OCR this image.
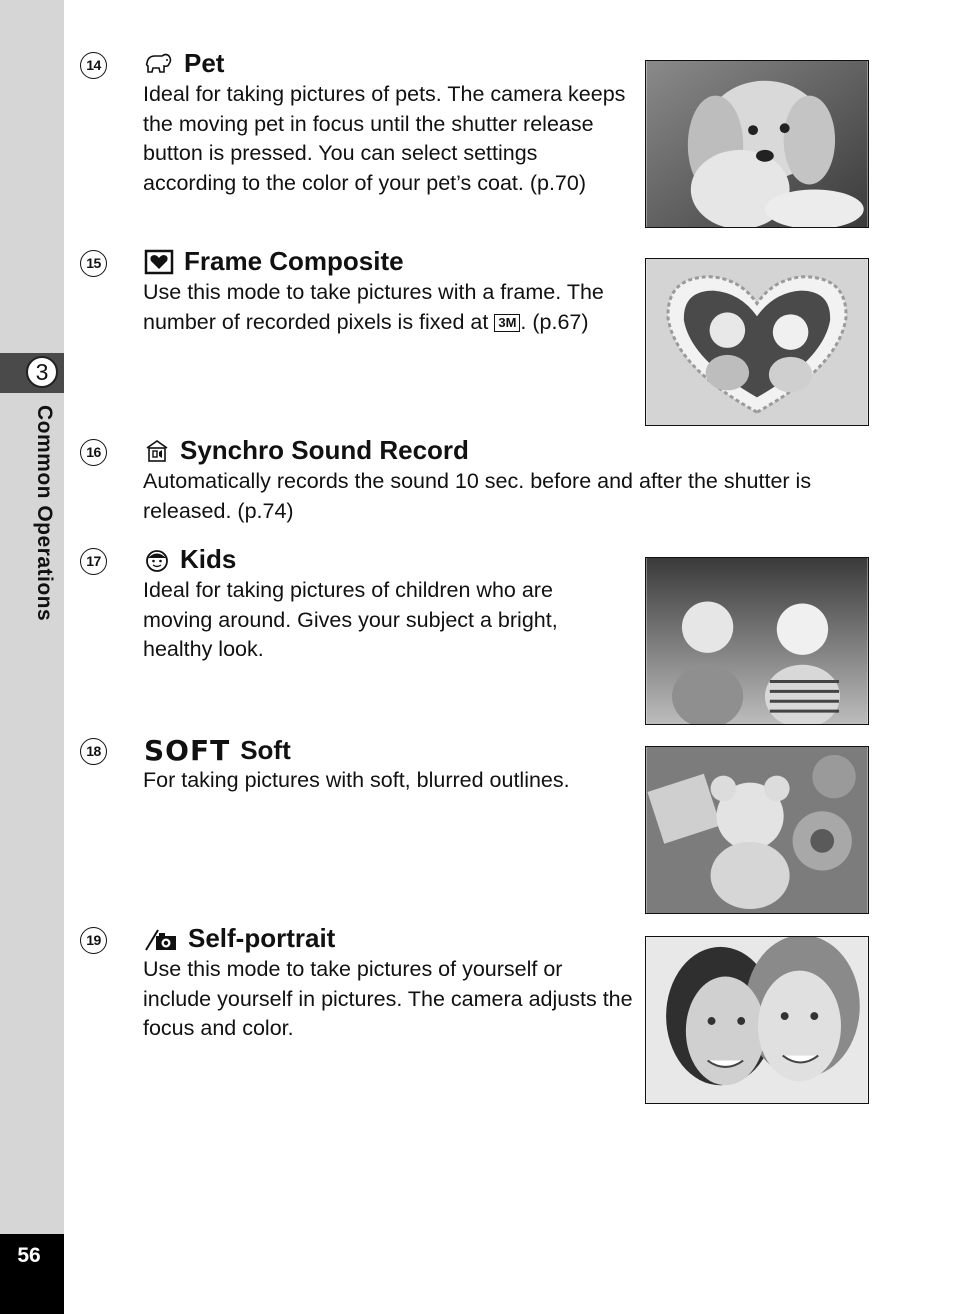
3
Common Operations
56
14	Pet
Ideal for taking pictures of pets. The camera keeps the moving pet in focus until the shutter release button is pressed. You can select settings according to the color of your pet’s coat. (p.70)
15	Frame Composite
Use this mode to take pictures with a frame. The number of recorded pixels is fixed at 3M . (p.67)
16	Synchro Sound Record
Automatically records the sound 10 sec. before and after the shutter is released. (p.74)
17	Kids
Ideal for taking pictures of children who are moving around. Gives your subject a bright, healthy look.
18 SOFT Soft
For taking pictures with soft, blurred outlines.
19	Self-portrait
Use this mode to take pictures of yourself or include yourself in pictures. The camera adjusts the focus and color.
